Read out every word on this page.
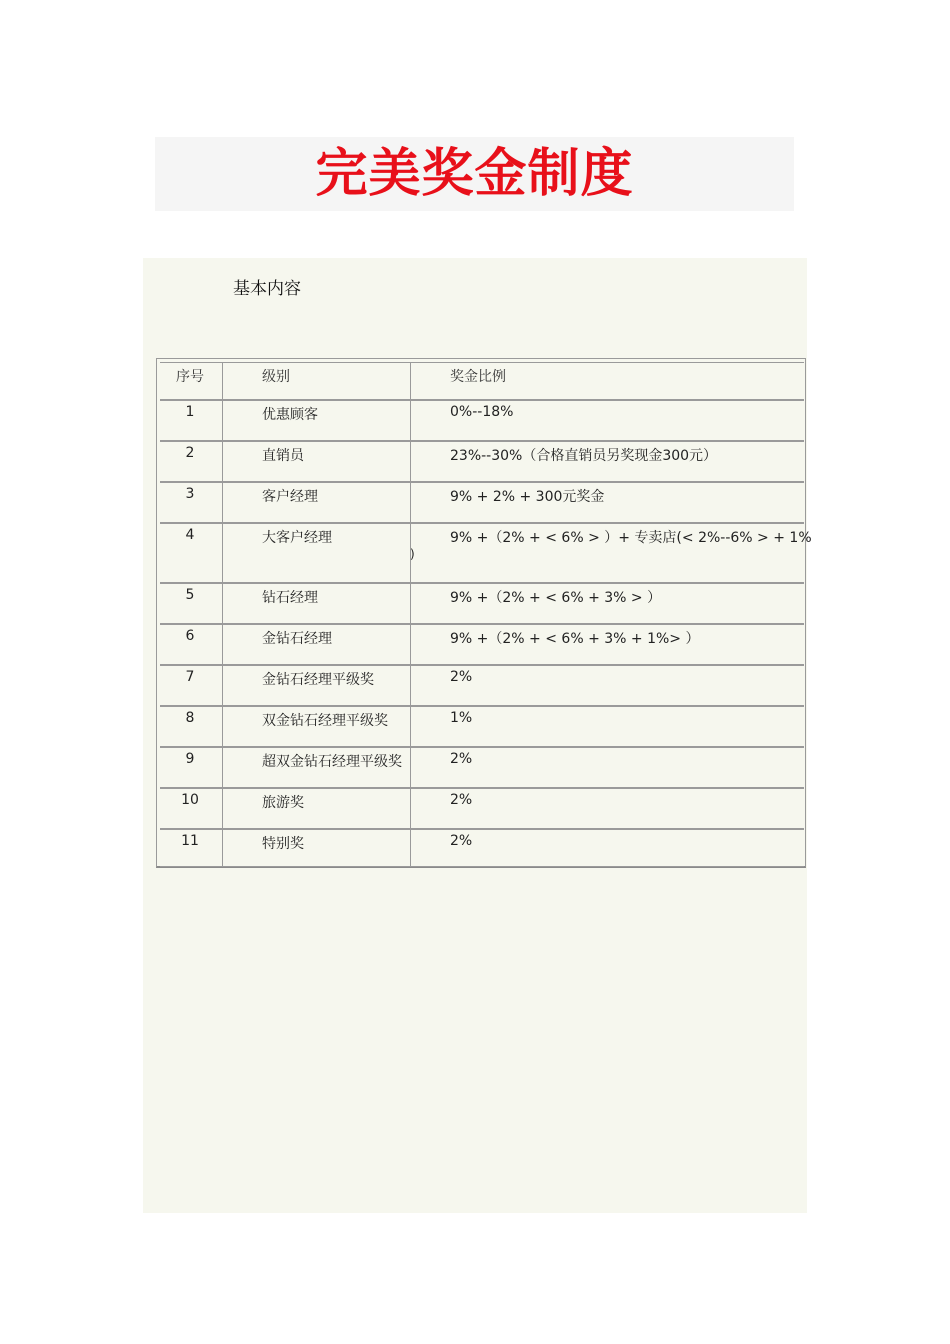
完美奖金制度
基本内容
序号	级别	奖金比例
1	优惠顾客	0%--18%
2	直销员	23%--30%（合格直销员另奖现金300元）
3	客户经理	9% + 2% + 300元奖金
4	大客户经理	9% +（2% + < 6% > ）+ 专卖店(< 2%--6% > + 1%
)
5	钻石经理	9% +（2% + < 6% + 3% > ）
6	金钻石经理	9% +（2% + < 6% + 3% + 1%> ）
7	金钻石经理平级奖	2%
8	双金钻石经理平级奖	1%
9	超双金钻石经理平级奖	2%
10	旅游奖	2%
11	特别奖	2%
